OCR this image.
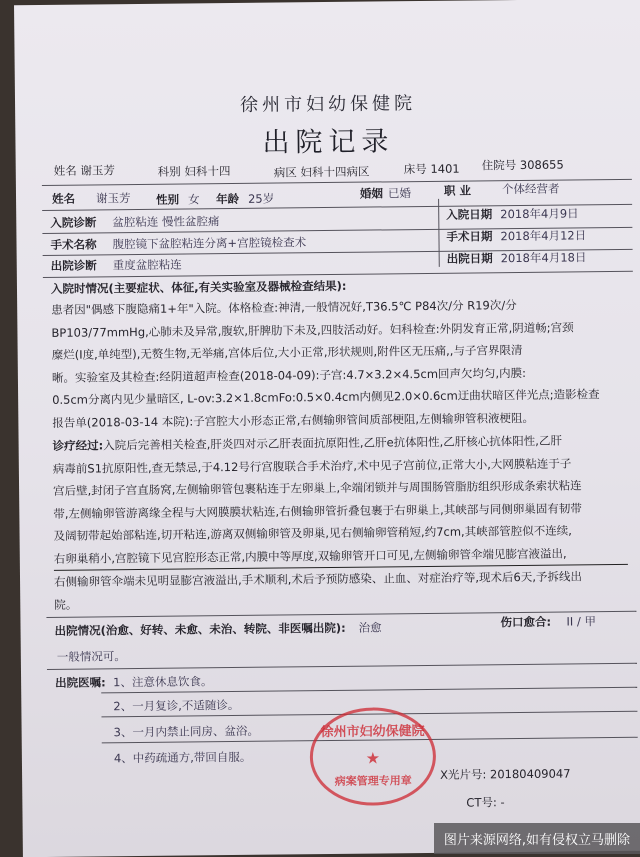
徐州市妇幼保健院
出院记录
姓名 谢玉芳	科别 妇科十四	病区 妇科十四病区	床号 1401 住院号 308655
姓名 谢玉芳 性别 女 年龄 25岁	婚姻 已婚	职 业	个体经营者
入院诊断 盆腔粘连 慢性盆腔痛	入院日期 2018年4月9日
手术名称 腹腔镜下盆腔粘连分离+宫腔镜检查术	手术日期 2018年4月12日
出院诊断 重度盆腔粘连	出院日期 2018年4月18日
入院时情况(主要症状、体征,有关实验室及器械检查结果):
患者因"偶感下腹隐痛1+年"入院。体格检查:神清,一般情况好,T36.5℃ P84次/分 R19次/分
BP103/77mmHg,心肺未及异常,腹软,肝脾肋下未及,四肢活动好。妇科检查:外阴发育正常,阴道畅;宫颈
糜烂(I度,单纯型),无赘生物,无举痛,宫体后位,大小正常,形状规则,附件区无压痛,,与子宫界限清
晰。实验室及其检查:经阴道超声检查(2018-04-09):子宫:4.7×3.2×4.5cm回声欠均匀,内膜:
0.5cm分离内见少量暗区, L-ov:3.2×1.8cmFo:0.5×0.4cm内侧见2.0×0.6cm迂曲状暗区伴光点;造影检查
报告单(2018-03-14 本院):子宫腔大小形态正常,右侧输卵管间质部梗阻,左侧输卵管积液梗阻。
诊疗经过:入院后完善相关检查,肝炎四对示乙肝表面抗原阳性,乙肝e抗体阳性,乙肝核心抗体阳性,乙肝
病毒前S1抗原阳性,查无禁忌,于4.12号行宫腹联合手术治疗,术中见子宫前位,正常大小,大网膜粘连于子
宫后壁,封闭子宫直肠窝,左侧输卵管包裹粘连于左卵巢上,伞端闭锁并与周围肠管脂肪组织形成条索状粘连
带,左侧输卵管游离缘全程与大网膜膜状粘连,右侧输卵管折叠包裹于右卵巢上,其峡部与同侧卵巢固有韧带
及阔韧带起始部粘连,切开粘连,游离双侧输卵管及卵巢,见右侧输卵管稍短,约7cm,其峡部管腔似不连续,
右卵巢稍小,宫腔镜下见宫腔形态正常,内膜中等厚度,双输卵管开口可见,左侧输卵管伞端见膨宫液溢出,
右侧输卵管伞端未见明显膨宫液溢出,手术顺利,术后予预防感染、止血、对症治疗等,现术后6天,予拆线出
院。
出院情况(治愈、好转、未愈、未治、转院、非医嘱出院): 治愈	伤口愈合: II / 甲
一般情况可。
出院医嘱: 1、注意休息饮食。
2、一月复诊,不适随诊。
3、一月内禁止同房、盆浴。
4、中药疏通方,带回自服。
徐州市妇幼保健院
★
病案管理专用章	X光片号: 20180409047
CT号: -
图片来源网络,如有侵权立马删除
